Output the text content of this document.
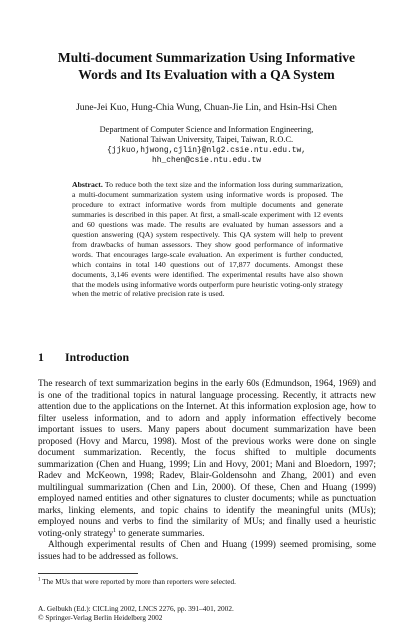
Multi-document Summarization Using Informative Words and Its Evaluation with a QA System
June-Jei Kuo, Hung-Chia Wung, Chuan-Jie Lin, and Hsin-Hsi Chen
Department of Computer Science and Information Engineering,
National Taiwan University, Taipei, Taiwan, R.O.C.
{jjkuo,hjwong,cjlin}@nlg2.csie.ntu.edu.tw,
hh_chen@csie.ntu.edu.tw
Abstract. To reduce both the text size and the information loss during summarization, a multi-document summarization system using informative words is proposed. The procedure to extract informative words from multiple documents and generate summaries is described in this paper. At first, a small-scale experiment with 12 events and 60 questions was made. The results are evaluated by human assessors and a question answering (QA) system respectively. This QA system will help to prevent from drawbacks of human assessors. They show good performance of informative words. That encourages large-scale evaluation. An experiment is further conducted, which contains in total 140 questions out of 17,877 documents. Amongst these documents, 3,146 events were identified. The experimental results have also shown that the models using informative words outperform pure heuristic voting-only strategy when the metric of relative precision rate is used.
1 Introduction

The research of text summarization begins in the early 60s (Edmundson, 1964, 1969) and is one of the traditional topics in natural language processing. Recently, it attracts new attention due to the applications on the Internet. At this information explosion age, how to filter useless information, and to adorn and apply information effectively become important issues to users. Many papers about document summarization have been proposed (Hovy and Marcu, 1998). Most of the previous works were done on single document summarization. Recently, the focus shifted to multiple documents summarization (Chen and Huang, 1999; Lin and Hovy, 2001; Mani and Bloedorn, 1997; Radev and McKeown, 1998; Radev, Blair-Goldensohn and Zhang, 2001) and even multilingual summarization (Chen and Lin, 2000). Of these, Chen and Huang (1999) employed named entities and other signatures to cluster documents; while as punctuation marks, linking elements, and topic chains to identify the meaningful units (MUs); employed nouns and verbs to find the similarity of MUs; and finally used a heuristic voting-only strategy$^1$ to generate summaries.

Although experimental results of Chen and Huang (1999) seemed promising, some issues had to be addressed as follows.

$^1$ The MUs that were reported by more than reporters were selected.
A. Gelbukh (Ed.): CICLing 2002, LNCS 2276, pp. 391–401, 2002.
© Springer-Verlag Berlin Heidelberg 2002
